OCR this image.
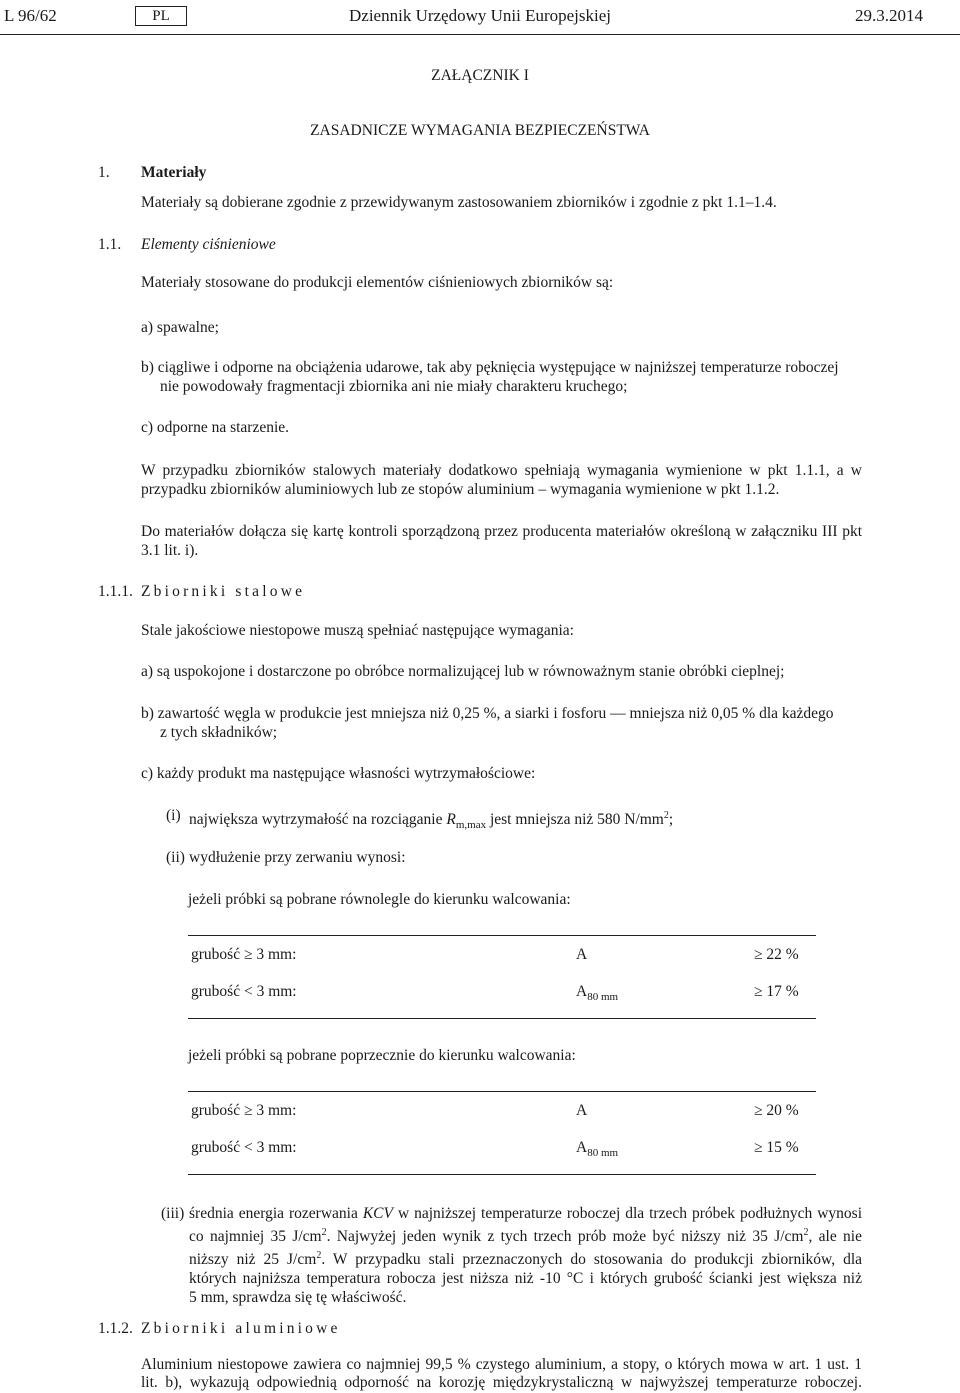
L 96/62	PL	Dziennik Urzędowy Unii Europejskiej	29.3.2014
ZAŁĄCZNIK I
ZASADNICZE WYMAGANIA BEZPIECZEŃSTWA
1. Materiały
Materiały są dobierane zgodnie z przewidywanym zastosowaniem zbiorników i zgodnie z pkt 1.1–1.4.
1.1. Elementy ciśnieniowe
Materiały stosowane do produkcji elementów ciśnieniowych zbiorników są:
a) spawalne;
b) ciągliwe i odporne na obciążenia udarowe, tak aby pęknięcia występujące w najniższej temperaturze roboczej
nie powodowały fragmentacji zbiornika ani nie miały charakteru kruchego;
c) odporne na starzenie.
W przypadku zbiorników stalowych materiały dodatkowo spełniają wymagania wymienione w pkt 1.1.1, a w przypadku zbiorników aluminiowych lub ze stopów aluminium – wymagania wymienione w pkt 1.1.2.
Do materiałów dołącza się kartę kontroli sporządzoną przez producenta materiałów określoną w załączniku III pkt 3.1 lit. i).
1.1.1. Zbiorniki stalowe
Stale jakościowe niestopowe muszą spełniać następujące wymagania:
a) są uspokojone i dostarczone po obróbce normalizującej lub w równoważnym stanie obróbki cieplnej;
b) zawartość węgla w produkcie jest mniejsza niż 0,25 %, a siarki i fosforu — mniejsza niż 0,05 % dla każdego
z tych składników;
c) każdy produkt ma następujące własności wytrzymałościowe:
(i) największa wytrzymałość na rozciąganie $R_{m,max}$ jest mniejsza niż 580 $N/mm^2$;
(ii) wydłużenie przy zerwaniu wynosi:
jeżeli próbki są pobrane równolegle do kierunku walcowania:
grubość ≥ 3 mm:	A	≥ 22 %
grubość < 3 mm:	$A_{80 mm}$	≥ 17 %
jeżeli próbki są pobrane poprzecznie do kierunku walcowania:
grubość ≥ 3 mm:	A	≥ 20 %
grubość < 3 mm:	$A_{80 mm}$	≥ 15 %
(iii) średnia energia rozerwania KCV w najniższej temperaturze roboczej dla trzech próbek podłużnych wynosi
co najmniej 35 $J/cm^2$. Najwyżej jeden wynik z tych trzech prób może być niższy niż 35 $J/cm^2$, ale nie
niższy niż 25 $J/cm^2$. W przypadku stali przeznaczonych do stosowania do produkcji zbiorników, dla
których najniższa temperatura robocza jest niższa niż -10 °C i których grubość ścianki jest większa niż
5 mm, sprawdza się tę właściwość.
1.1.2. Zbiorniki aluminiowe
Aluminium niestopowe zawiera co najmniej 99,5 % czystego aluminium, a stopy, o których mowa w art. 1 ust. 1
lit. b), wykazują odpowiednią odporność na korozję międzykrystaliczną w najwyższej temperaturze roboczej.
